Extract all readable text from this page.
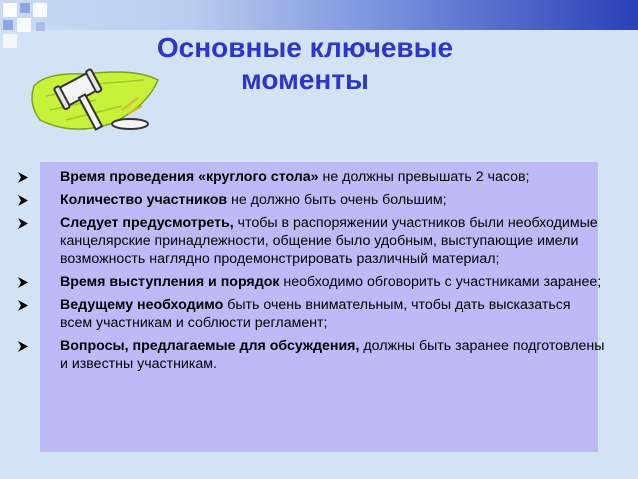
Основные ключевые
моменты
Время проведения «круглого стола» не должны превышать 2 часов;
Количество участников не должно быть очень большим;
Следует предусмотреть, чтобы в распоряжении участников были необходимые канцелярские принадлежности, общение было удобным, выступающие имели возможность наглядно продемонстрировать различный материал;
Время выступления и порядок необходимо обговорить с участниками заранее;
Ведущему необходимо быть очень внимательным, чтобы дать высказаться всем участникам и соблюсти регламент;
Вопросы, предлагаемые для обсуждения, должны быть заранее подготовлены и известны участникам.
